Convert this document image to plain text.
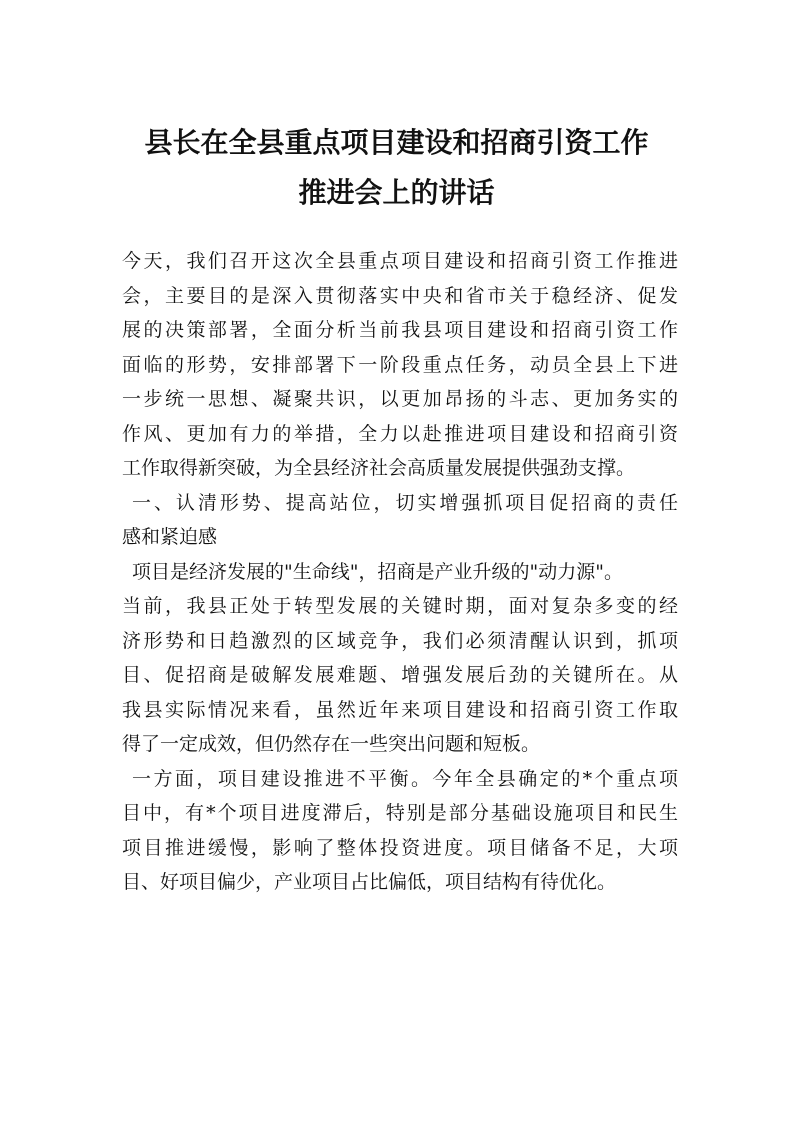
县长在全县重点项目建设和招商引资工作
推进会上的讲话
今天，我们召开这次全县重点项目建设和招商引资工作推进
会，主要目的是深入贯彻落实中央和省市关于稳经济、促发
展的决策部署，全面分析当前我县项目建设和招商引资工作
面临的形势，安排部署下一阶段重点任务，动员全县上下进
一步统一思想、凝聚共识，以更加昂扬的斗志、更加务实的
作风、更加有力的举措，全力以赴推进项目建设和招商引资
工作取得新突破，为全县经济社会高质量发展提供强劲支撑。
一、认清形势、提高站位，切实增强抓项目促招商的责任
感和紧迫感
项目是经济发展的"生命线"，招商是产业升级的"动力源"。
当前，我县正处于转型发展的关键时期，面对复杂多变的经
济形势和日趋激烈的区域竞争，我们必须清醒认识到，抓项
目、促招商是破解发展难题、增强发展后劲的关键所在。从
我县实际情况来看，虽然近年来项目建设和招商引资工作取
得了一定成效，但仍然存在一些突出问题和短板。
一方面，项目建设推进不平衡。今年全县确定的*个重点项
目中，有*个项目进度滞后，特别是部分基础设施项目和民生
项目推进缓慢，影响了整体投资进度。项目储备不足，大项
目、好项目偏少，产业项目占比偏低，项目结构有待优化。
